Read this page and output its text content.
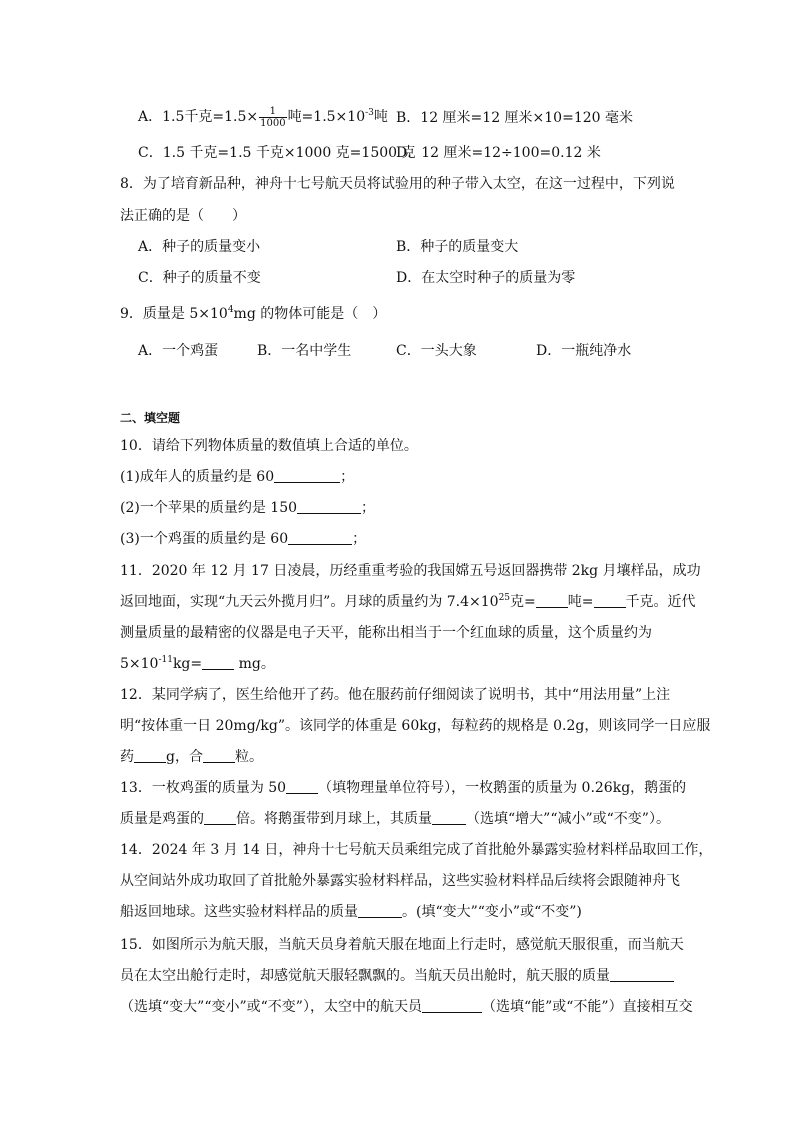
A．1.5千克$=1.5\times \frac{1}{1000}$ 吨$=1.5\times 10^{-3}$吨 B．12 厘米=12 厘米×10=120 毫米
C．1.5 千克=1.5 千克×1000 克=1500 克
D．12 厘米=12÷100=0.12 米
8．为了培育新品种，神舟十七号航天员将试验用的种子带入太空，在这一过程中，下列说
法正确的是（　　）
A．种子的质量变小	B．种子的质量变大
C．种子的质量不变	D．在太空时种子的质量为零
9．质量是 $5\times 10^4mg$ 的物体可能是（　）
A．一个鸡蛋	B．一名中学生	C．一头大象	D．一瓶纯净水
二、填空题
10．请给下列物体质量的数值填上合适的单位。
(1)成年人的质量约是 60	；
(2)一个苹果的质量约是 150	；
(3)一个鸡蛋的质量约是 60	；
11．2020 年 12 月 17 日凌晨，历经重重考验的我国嫦五号返回器携带 2kg 月壤样品，成功
返回地面，实现“九天云外揽月归”。月球的质量约为 $7.4\times 10^{25}$克= 吨= 千克。近代
测量质量的最精密的仪器是电子天平，能称出相当于一个红血球的质量，这个质量约为
$5\times 10^{-11}kg=$ mg。
12．某同学病了，医生给他开了药。他在服药前仔细阅读了说明书，其中“用法用量”上注
明“按体重一日 20mg/kg”。该同学的体重是 60kg，每粒药的规格是 0.2g，则该同学一日应服
药 g，合 粒。
13．一枚鸡蛋的质量为 50 （填物理量单位符号），一枚鹅蛋的质量为 0.26kg，鹅蛋的
质量是鸡蛋的 倍。将鹅蛋带到月球上，其质量 （选填“增大”“减小”或“不变”）。
14．2024 年 3 月 14 日，神舟十七号航天员乘组完成了首批舱外暴露实验材料样品取回工作，
从空间站外成功取回了首批舱外暴露实验材料样品，这些实验材料样品后续将会跟随神舟飞
船返回地球。这些实验材料样品的质量	。(填“变大”“变小”或“不变”)
15．如图所示为航天服，当航天员身着航天服在地面上行走时，感觉航天服很重，而当航天
员在太空出舱行走时，却感觉航天服轻飘飘的。当航天员出舱时，航天服的质量
（选填“变大”“变小”或“不变”），太空中的航天员	（选填“能”或“不能”）直接相互交
